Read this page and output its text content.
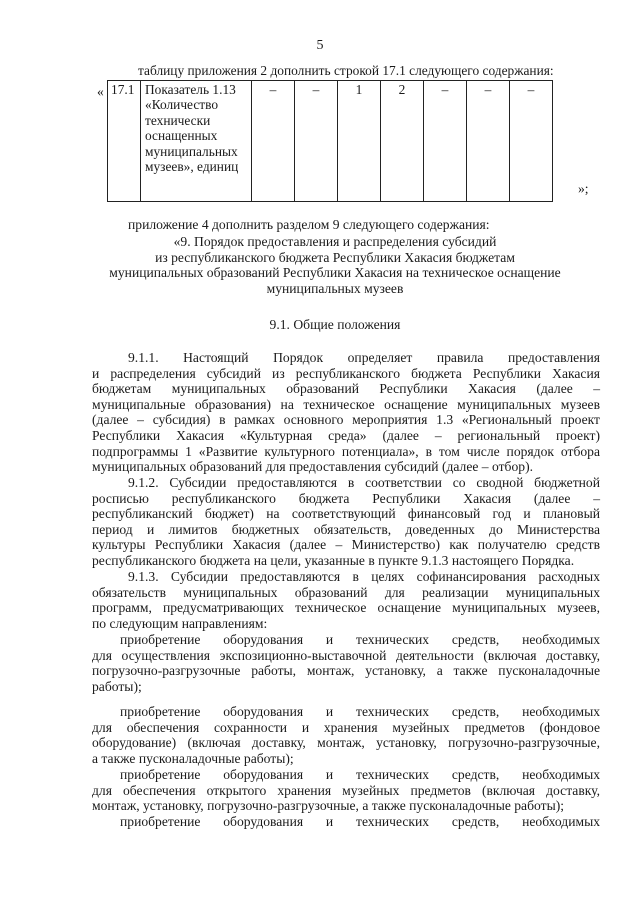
5
таблицу приложения 2 дополнить строкой 17.1 следующего содержания:
« 17.1	Показатель 1.13 «Количество технически оснащенных муниципальных музеев», единиц	–	–	1	2	–	–	–
»;
приложение 4 дополнить разделом 9 следующего содержания:
«9. Порядок предоставления и распределения субсидий
из республиканского бюджета Республики Хакасия бюджетам
муниципальных образований Республики Хакасия на техническое оснащение
муниципальных музеев
9.1. Общие положения
9.1.1. Настоящий Порядок определяет правила предоставления
и распределения субсидий из республиканского бюджета Республики Хакасия
бюджетам муниципальных образований Республики Хакасия (далее –
муниципальные образования) на техническое оснащение муниципальных музеев
(далее – субсидия) в рамках основного мероприятия 1.3 «Региональный проект
Республики Хакасия «Культурная среда» (далее – региональный проект)
подпрограммы 1 «Развитие культурного потенциала», в том числе порядок отбора
муниципальных образований для предоставления субсидий (далее – отбор).
9.1.2. Субсидии предоставляются в соответствии со сводной бюджетной
росписью республиканского бюджета Республики Хакасия (далее –
республиканский бюджет) на соответствующий финансовый год и плановый
период и лимитов бюджетных обязательств, доведенных до Министерства
культуры Республики Хакасия (далее – Министерство) как получателю средств
республиканского бюджета на цели, указанные в пункте 9.1.3 настоящего Порядка.
9.1.3. Субсидии предоставляются в целях софинансирования расходных
обязательств муниципальных образований для реализации муниципальных
программ, предусматривающих техническое оснащение муниципальных музеев,
по следующим направлениям:
приобретение оборудования и технических средств, необходимых
для осуществления экспозиционно-выставочной деятельности (включая доставку,
погрузочно-разгрузочные работы, монтаж, установку, а также пусконаладочные
работы);
приобретение оборудования и технических средств, необходимых
для обеспечения сохранности и хранения музейных предметов (фондовое
оборудование) (включая доставку, монтаж, установку, погрузочно-разгрузочные,
а также пусконаладочные работы);
приобретение оборудования и технических средств, необходимых
для обеспечения открытого хранения музейных предметов (включая доставку,
монтаж, установку, погрузочно-разгрузочные, а также пусконаладочные работы);
приобретение оборудования и технических средств, необходимых
